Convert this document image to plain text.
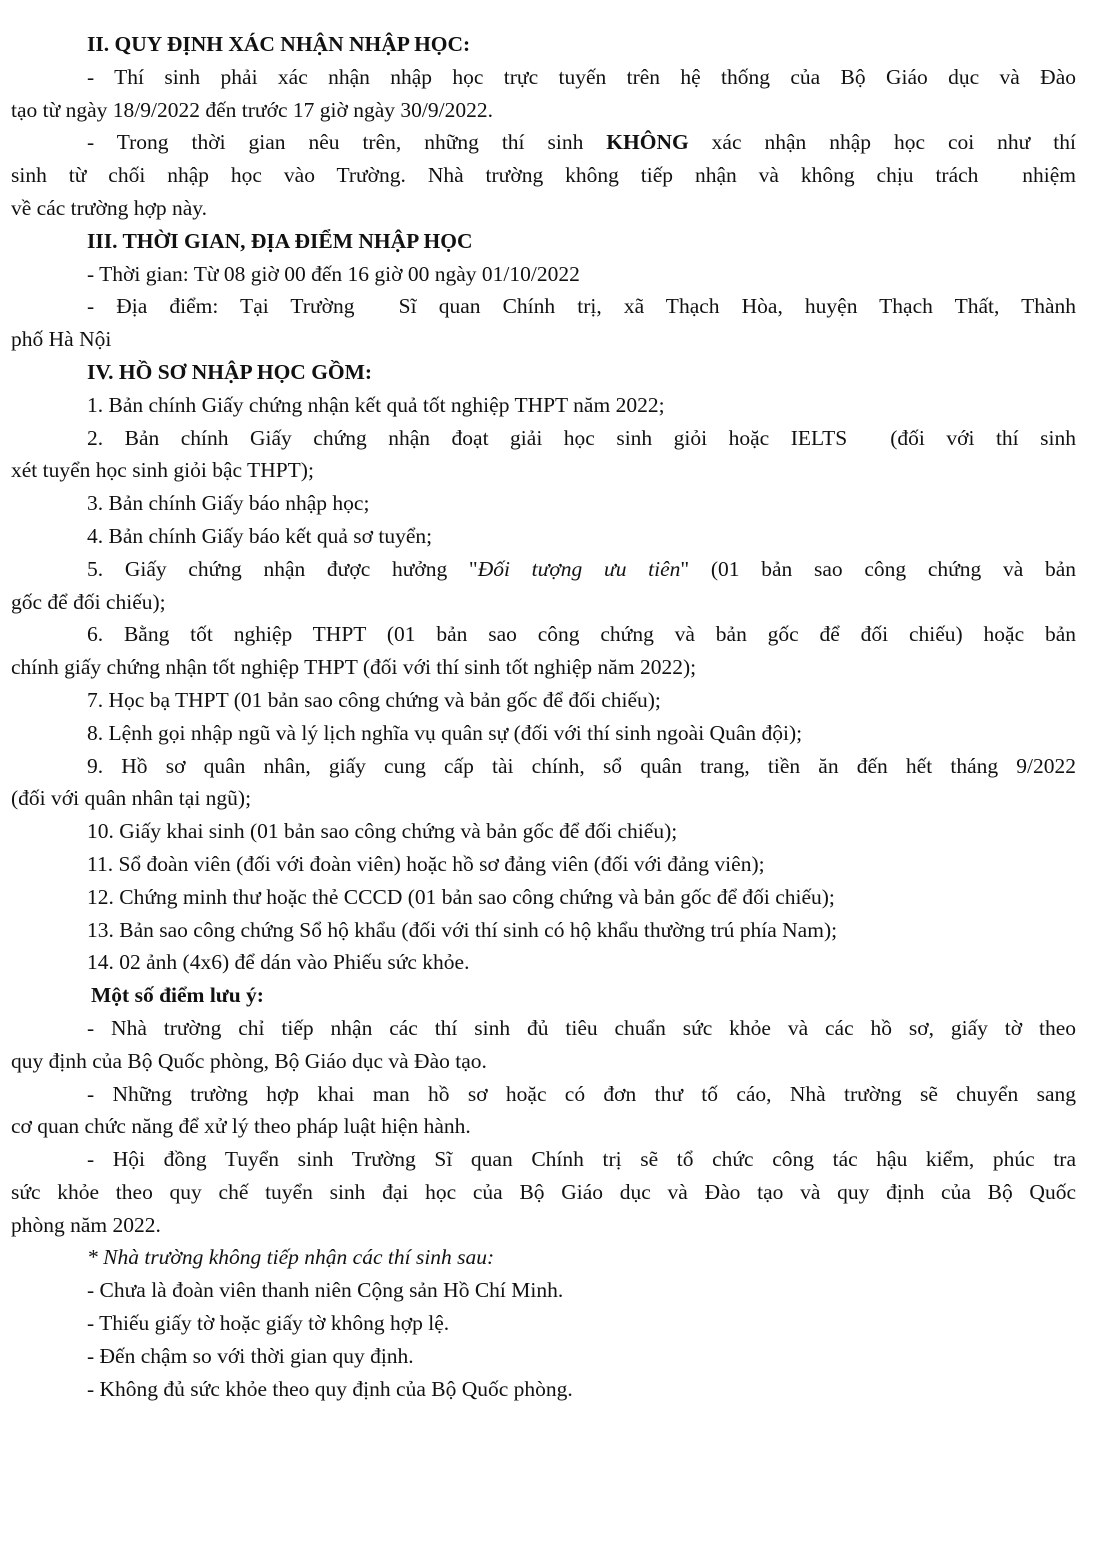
II. QUY ĐỊNH XÁC NHẬN NHẬP HỌC:

- Thí sinh phải xác nhận nhập học trực tuyến trên hệ thống của Bộ Giáo dục và Đào

tạo từ ngày 18/9/2022 đến trước 17 giờ ngày 30/9/2022.

- Trong thời gian nêu trên, những thí sinh KHÔNG xác nhận nhập học coi như thí

sinh từ chối nhập học vào Trường. Nhà trường không tiếp nhận và không chịu trách  nhiệm

về các trường hợp này.

III. THỜI GIAN, ĐỊA ĐIỂM NHẬP HỌC

- Thời gian: Từ 08 giờ 00 đến 16 giờ 00 ngày 01/10/2022

- Địa điểm: Tại Trường  Sĩ quan Chính trị, xã Thạch Hòa, huyện Thạch Thất, Thành

phố Hà Nội

IV. HỒ SƠ NHẬP HỌC GỒM:

1. Bản chính Giấy chứng nhận kết quả tốt nghiệp THPT năm 2022;

2. Bản chính Giấy chứng nhận đoạt giải học sinh giỏi hoặc IELTS  (đối với thí sinh

xét tuyển học sinh giỏi bậc THPT);

3. Bản chính Giấy báo nhập học;

4. Bản chính Giấy báo kết quả sơ tuyển;

5. Giấy chứng nhận được hưởng "Đối tượng ưu tiên" (01 bản sao công chứng và bản

gốc để đối chiếu);

6. Bằng tốt nghiệp THPT (01 bản sao công chứng và bản gốc để đối chiếu) hoặc bản

chính giấy chứng nhận tốt nghiệp THPT (đối với thí sinh tốt nghiệp năm 2022);

7. Học bạ THPT (01 bản sao công chứng và bản gốc để đối chiếu);

8. Lệnh gọi nhập ngũ và lý lịch nghĩa vụ quân sự (đối với thí sinh ngoài Quân đội);

9. Hồ sơ quân nhân, giấy cung cấp tài chính, sổ quân trang, tiền ăn đến hết tháng 9/2022

(đối với quân nhân tại ngũ);

10. Giấy khai sinh (01 bản sao công chứng và bản gốc để đối chiếu);

11. Sổ đoàn viên (đối với đoàn viên) hoặc hồ sơ đảng viên (đối với đảng viên);

12. Chứng minh thư hoặc thẻ CCCD (01 bản sao công chứng và bản gốc để đối chiếu);

13. Bản sao công chứng Sổ hộ khẩu (đối với thí sinh có hộ khẩu thường trú phía Nam);

14. 02 ảnh (4x6) để dán vào Phiếu sức khỏe.

Một số điểm lưu ý:

- Nhà trường chỉ tiếp nhận các thí sinh đủ tiêu chuẩn sức khỏe và các hồ sơ, giấy tờ theo

quy định của Bộ Quốc phòng, Bộ Giáo dục và Đào tạo.

- Những trường hợp khai man hồ sơ hoặc có đơn thư tố cáo, Nhà trường sẽ chuyển sang

cơ quan chức năng để xử lý theo pháp luật hiện hành.

- Hội đồng Tuyển sinh Trường Sĩ quan Chính trị sẽ tổ chức công tác hậu kiểm, phúc tra

sức khỏe theo quy chế tuyển sinh đại học của Bộ Giáo dục và Đào tạo và quy định của Bộ Quốc

phòng năm 2022.

* Nhà trường không tiếp nhận các thí sinh sau:

- Chưa là đoàn viên thanh niên Cộng sản Hồ Chí Minh.

- Thiếu giấy tờ hoặc giấy tờ không hợp lệ.

- Đến chậm so với thời gian quy định.

- Không đủ sức khỏe theo quy định của Bộ Quốc phòng.
